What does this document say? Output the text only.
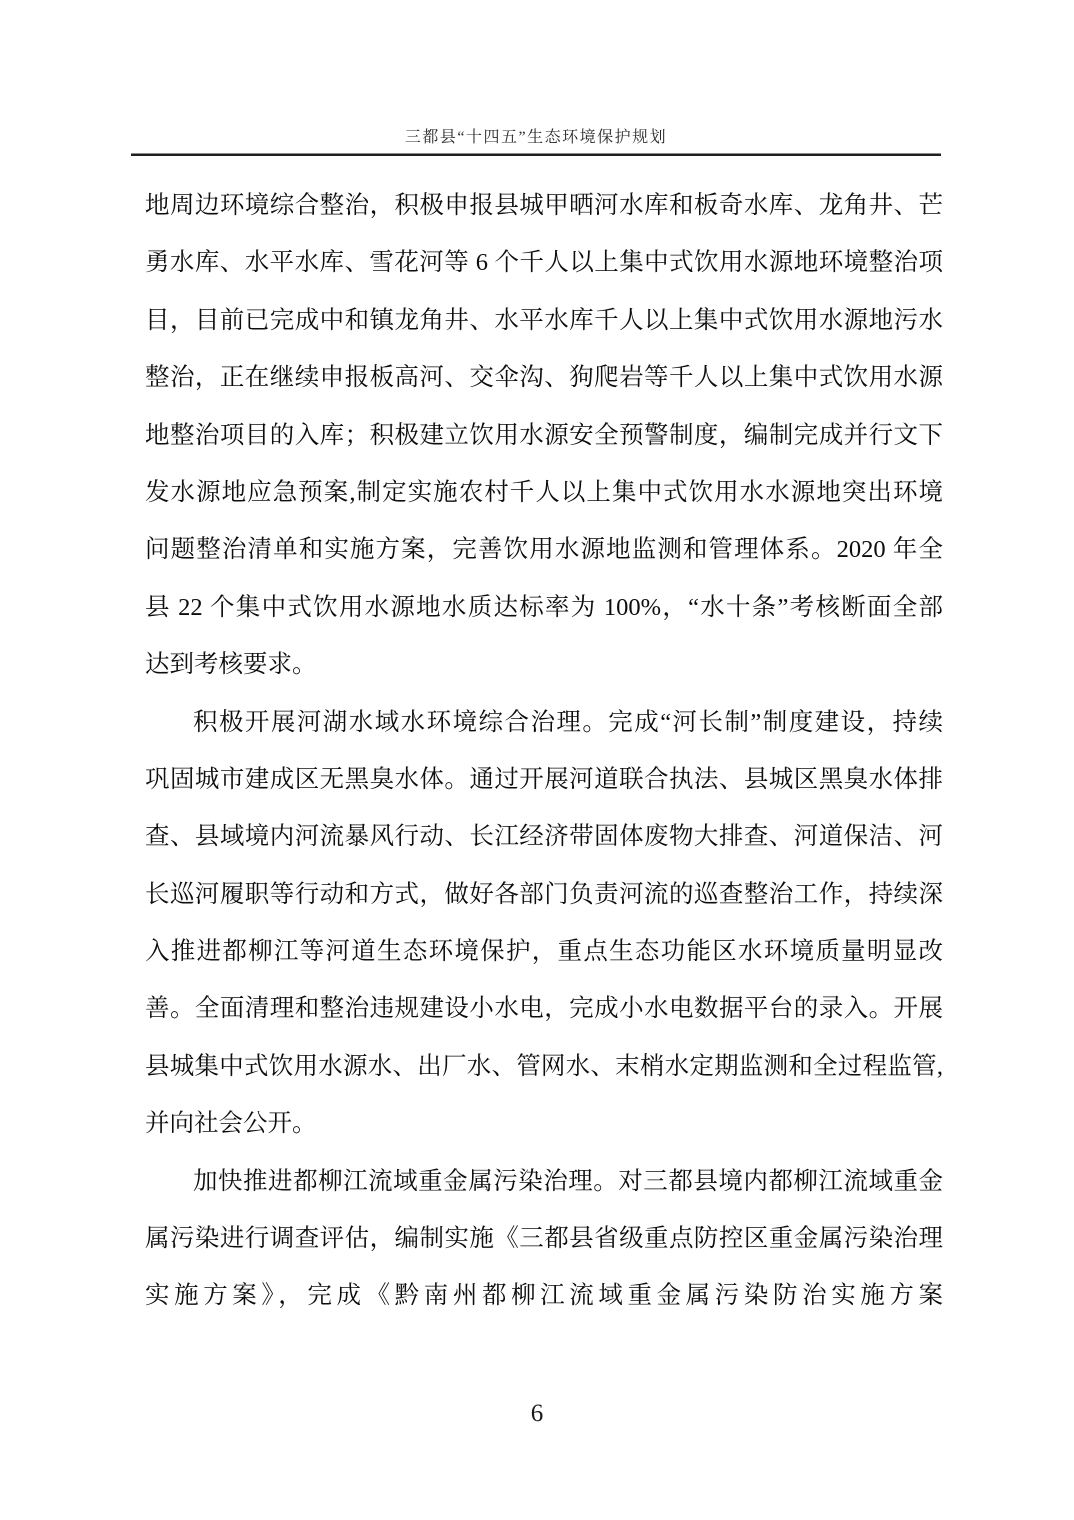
三都县“十四五”生态环境保护规划
地周边环境综合整治，积极申报县城甲晒河水库和板奇水库、龙角井、芒
勇水库、水平水库、雪花河等 6 个千人以上集中式饮用水源地环境整治项
目，目前已完成中和镇龙角井、水平水库千人以上集中式饮用水源地污水
整治，正在继续申报板高河、交伞沟、狗爬岩等千人以上集中式饮用水源
地整治项目的入库；积极建立饮用水源安全预警制度，编制完成并行文下
发水源地应急预案,制定实施农村千人以上集中式饮用水水源地突出环境
问题整治清单和实施方案，完善饮用水源地监测和管理体系。2020 年全
县 22 个集中式饮用水源地水质达标率为 100%，“水十条”考核断面全部
达到考核要求。
积极开展河湖水域水环境综合治理。完成“河长制”制度建设，持续
巩固城市建成区无黑臭水体。通过开展河道联合执法、县城区黑臭水体排
查、县域境内河流暴风行动、长江经济带固体废物大排查、河道保洁、河
长巡河履职等行动和方式，做好各部门负责河流的巡查整治工作，持续深
入推进都柳江等河道生态环境保护，重点生态功能区水环境质量明显改
善。全面清理和整治违规建设小水电，完成小水电数据平台的录入。开展
县城集中式饮用水源水、出厂水、管网水、末梢水定期监测和全过程监管,
并向社会公开。
加快推进都柳江流域重金属污染治理。对三都县境内都柳江流域重金
属污染进行调查评估，编制实施《三都县省级重点防控区重金属污染治理
实施方案》，完成《黔南州都柳江流域重金属污染防治实施方案
6
